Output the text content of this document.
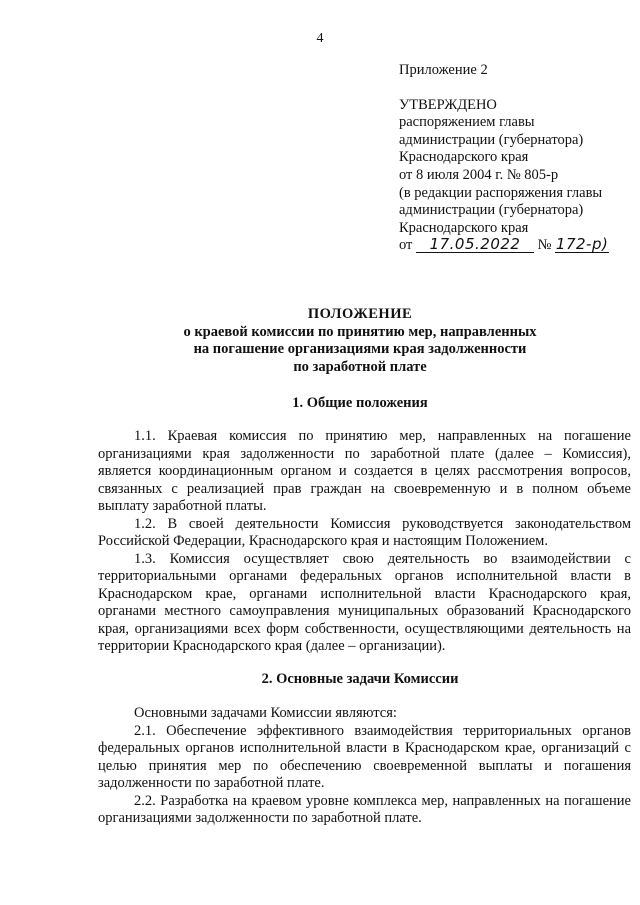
4
Приложение 2
УТВЕРЖДЕНО
распоряжением главы
администрации (губернатора)
Краснодарского края
от 8 июля 2004 г. № 805-р
(в редакции распоряжения главы
администрации (губернатора)
Краснодарского края
от 17.05.2022 № 172-р)
ПОЛОЖЕНИЕ
о краевой комиссии по принятию мер, направленных
на погашение организациями края задолженности
по заработной плате
1. Общие положения

1.1. Краевая комиссия по принятию мер, направленных на погашение организациями края задолженности по заработной плате (далее – Комиссия), является координационным органом и создается в целях рассмотрения вопросов, связанных с реализацией прав граждан на своевременную и в полном объеме выплату заработной платы.

1.2. В своей деятельности Комиссия руководствуется законодательством Российской Федерации, Краснодарского края и настоящим Положением.

1.3. Комиссия осуществляет свою деятельность во взаимодействии с территориальными органами федеральных органов исполнительной власти в Краснодарском крае, органами исполнительной власти Краснодарского края, органами местного самоуправления муниципальных образований Краснодарского края, организациями всех форм собственности, осуществляющими деятельность на территории Краснодарского края (далее – организации).

2. Основные задачи Комиссии

Основными задачами Комиссии являются:

2.1. Обеспечение эффективного взаимодействия территориальных органов федеральных органов исполнительной власти в Краснодарском крае, организаций с целью принятия мер по обеспечению своевременной выплаты и погашения задолженности по заработной плате.

2.2. Разработка на краевом уровне комплекса мер, направленных на погашение организациями задолженности по заработной плате.
